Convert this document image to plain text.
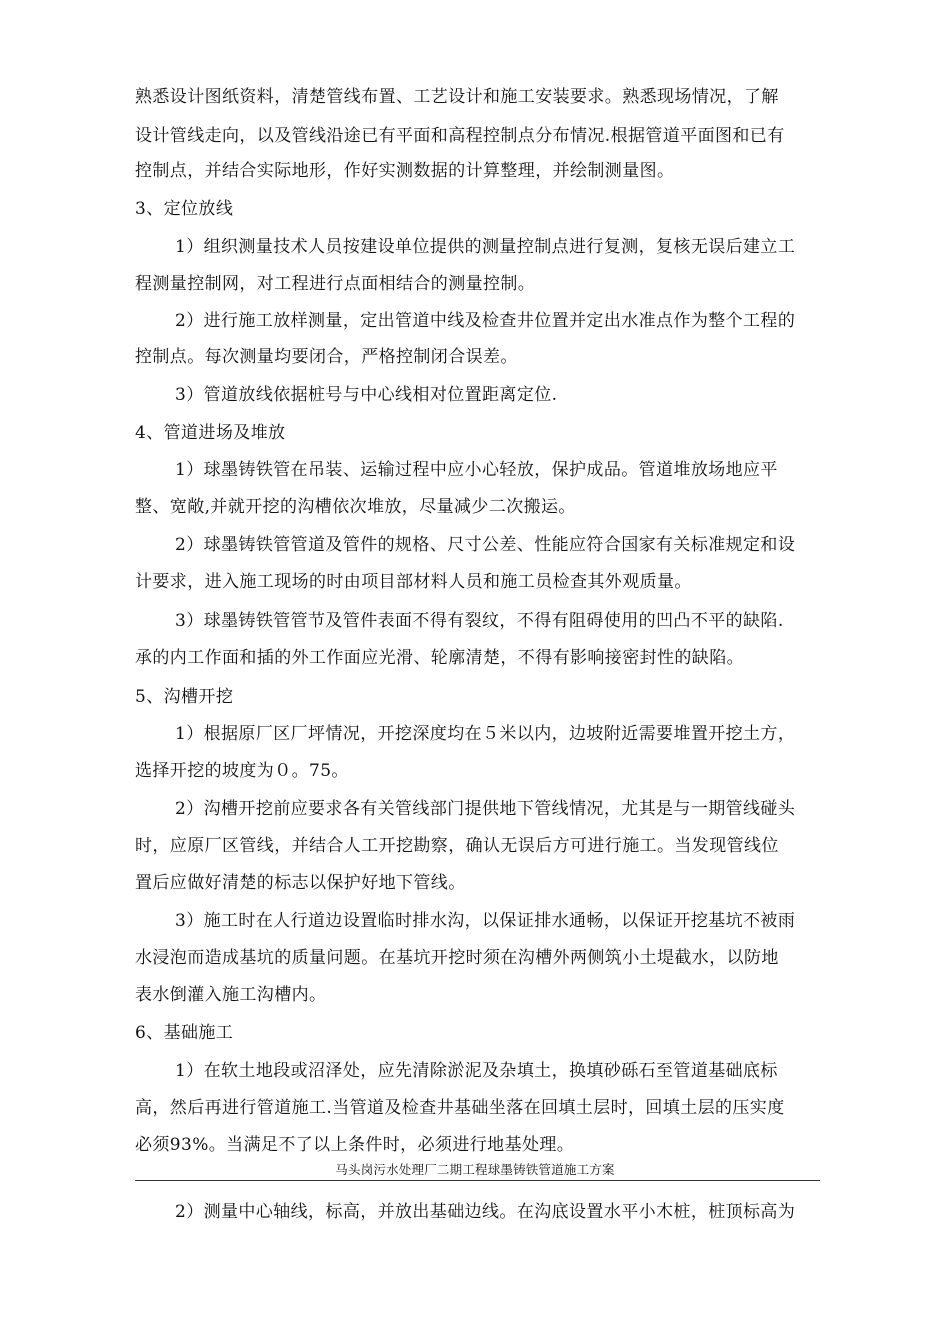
熟悉设计图纸资料，清楚管线布置、工艺设计和施工安装要求。熟悉现场情况，了解
设计管线走向，以及管线沿途已有平面和高程控制点分布情况.根据管道平面图和已有
控制点，并结合实际地形，作好实测数据的计算整理，并绘制测量图。
3、定位放线
1）组织测量技术人员按建设单位提供的测量控制点进行复测，复核无误后建立工
程测量控制网，对工程进行点面相结合的测量控制。
2）进行施工放样测量，定出管道中线及检查井位置并定出水准点作为整个工程的
控制点。每次测量均要闭合，严格控制闭合误差。
3）管道放线依据桩号与中心线相对位置距离定位.
4、管道进场及堆放
1）球墨铸铁管在吊装、运输过程中应小心轻放，保护成品。管道堆放场地应平
整、宽敞,并就开挖的沟槽依次堆放，尽量减少二次搬运。
2）球墨铸铁管管道及管件的规格、尺寸公差、性能应符合国家有关标准规定和设
计要求，进入施工现场的时由项目部材料人员和施工员检查其外观质量。
3）球墨铸铁管管节及管件表面不得有裂纹，不得有阻碍使用的凹凸不平的缺陷.
承的内工作面和插的外工作面应光滑、轮廓清楚，不得有影响接密封性的缺陷。
5、沟槽开挖
1）根据原厂区厂坪情况，开挖深度均在５米以内，边坡附近需要堆置开挖土方，
选择开挖的坡度为０。75。
2）沟槽开挖前应要求各有关管线部门提供地下管线情况，尤其是与一期管线碰头
时，应原厂区管线，并结合人工开挖勘察，确认无误后方可进行施工。当发现管线位
置后应做好清楚的标志以保护好地下管线。
3）施工时在人行道边设置临时排水沟，以保证排水通畅，以保证开挖基坑不被雨
水浸泡而造成基坑的质量问题。在基坑开挖时须在沟槽外两侧筑小土堤截水，以防地
表水倒灌入施工沟槽内。
6、基础施工
1）在软土地段或沼泽处，应先清除淤泥及杂填土，换填砂砾石至管道基础底标
高，然后再进行管道施工.当管道及检查井基础坐落在回填土层时，回填土层的压实度
必须93%。当满足不了以上条件时，必须进行地基处理。
马头岗污水处理厂二期工程球墨铸铁管道施工方案
2）测量中心轴线，标高，并放出基础边线。在沟底设置水平小木桩，桩顶标高为
